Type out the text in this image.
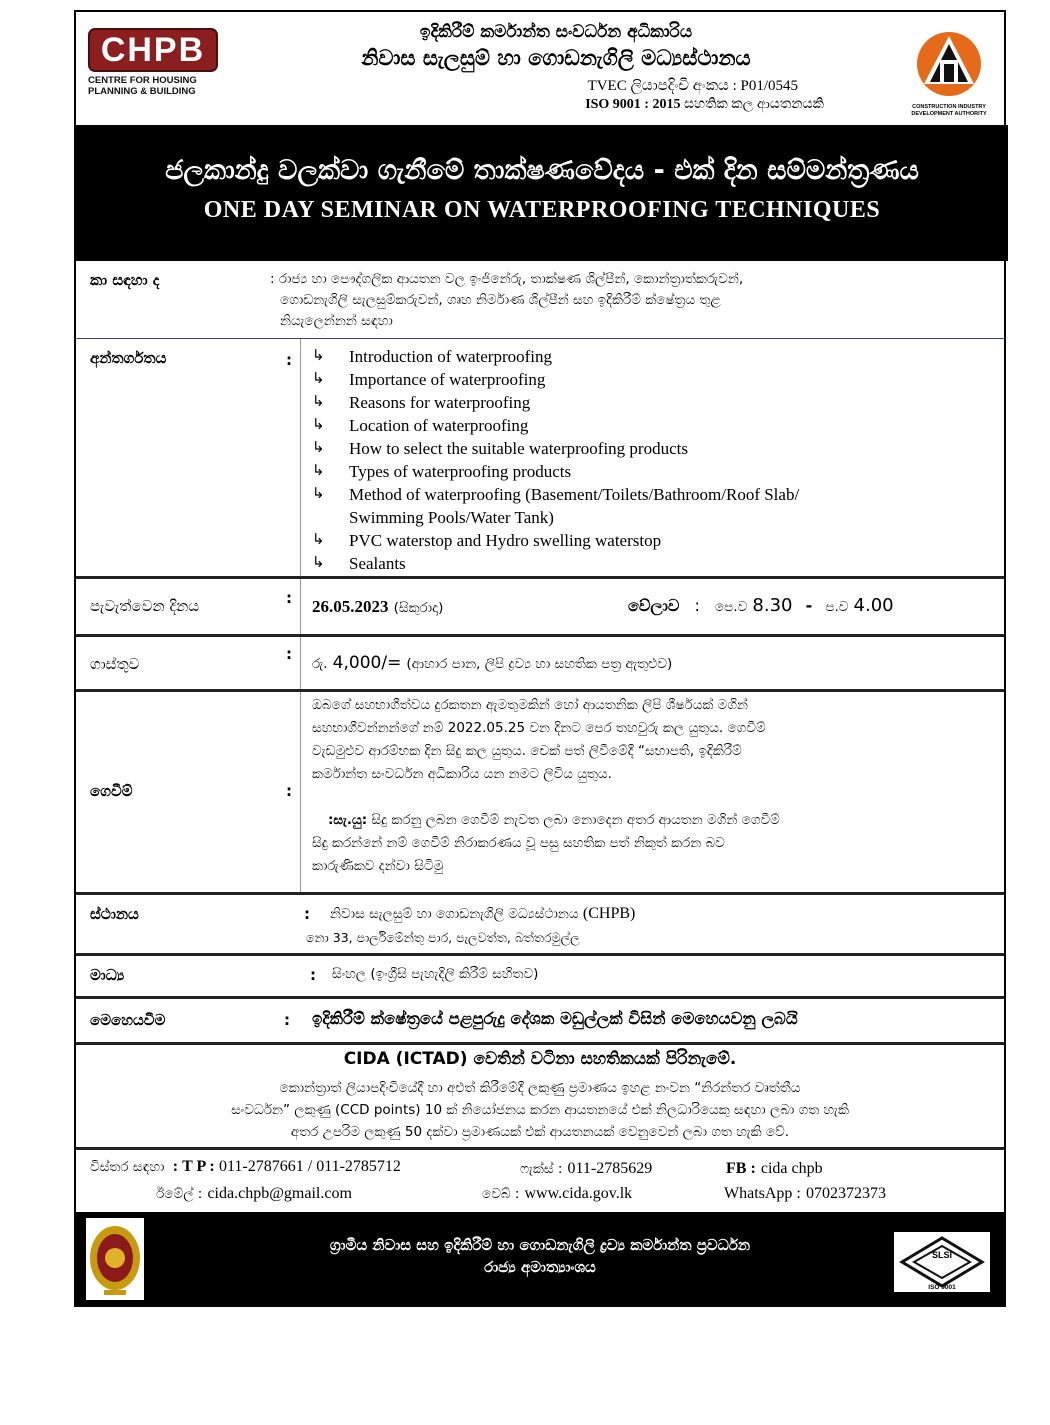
CHPB
CENTRE FOR HOUSING
PLANNING & BUILDING
ඉදිකිරීම් කර්මාන්ත සංවර්ධන අධිකාරිය
නිවාස සැලසුම් හා ගොඩනැගිලි මධ්‍යස්ථානය
TVEC ලියාපදිංචි අංකය : P01/0545
ISO 9001 : 2015 සහතික කල ආයතනයකි	CONSTRUCTION INDUSTRY
DEVELOPMENT AUTHORITY
ජලකාන්දු වලක්වා ගැනීමේ තාක්ෂණවේදය - එක් දින සම්මන්ත්‍රණය
ONE DAY SEMINAR ON WATERPROOFING TECHNIQUES
කා සඳහා ද	: රාජ්‍ය හා පෞද්ගලික ආයතන වල ඉංජිනේරු, තාක්ෂණ ශිල්පීන්, කොන්ත්‍රාත්කරුවන්,
ගොඩනැගිලි සැලසුම්කරුවන්, ගෘහ නිර්මාණ ශිල්පීන් සහ ඉදිකිරීම් ක්ෂේත්‍රය තුළ
නියැලෙන්නන් සඳහා
අන්තර්ගතය	: ↳ Introduction of waterproofing
↳ Importance of waterproofing
↳ Reasons for waterproofing
↳ Location of waterproofing
↳ How to select the suitable waterproofing products
↳ Types of waterproofing products
↳ Method of waterproofing (Basement/Toilets/Bathroom/Roof Slab/
Swimming Pools/Water Tank)
↳ PVC waterstop and Hydro swelling waterstop
↳ Sealants
පැවැත්වෙන දිනය	: 26.05.2023 (සිකුරාදා)	වේලාව : පෙ.ව 8.30 - ප.ව 4.00
ගාස්තුව
:
රු. 4,000/= (ආහාර පාන, ලිපි ද්‍රව්‍ය හා සහතික පත්‍ර ඇතුළුව)
ගෙවීම්	:
ඔබගේ සහභාගීත්වය දුරකතන ඇමතුමකින් හෝ ආයතනික ලිපි ශීර්ෂයක් මගින්
සහභාගීවන්නන්ගේ නම් 2022.05.25 වන දිනට පෙර තහවුරු කල යුතුය. ගෙවීම්
වැඩමුළුව ආරම්භක දින සිදු කල යුතුය. චෙක් පත් ලිවීමේදී “සභාපති, ඉදිකිරීම්
කර්මාන්ත සංවර්ධන අධිකාරිය යන නමට ලිවිය යුතුය.
:සැ.යු: සිදු කරනු ලබන ගෙවීම් නැවත ලබා නොදෙන අතර ආයතන මගින් ගෙවීම්
සිදු කරන්නේ නම් ගෙවීම් නිරාකරණය වූ පසු සහතික පත් නිකුත් කරන බව
කාරුණිකව දන්වා සිටිමු
ස්ථානය	: නිවාස සැලසුම් හා ගොඩනැගිලි මධ්‍යස්ථානය (CHPB)
නො 33, පාර්ලිමේන්තු පාර, පැලවත්ත, බත්තරමුල්ල
මාධ්‍ය	: සිංහල (ඉංග්‍රීසි පැහැදිලි කිරීම් සහිතව)
මෙහෙයවීම	: ඉදිකිරීම් ක්ෂේත්‍රයේ පළපුරුදු දේශක මඩුල්ලක් විසින් මෙහෙයවනු ලබයි
CIDA (ICTAD) වෙතින් වටිනා සහතිකයක් පිරිනැමේ.
කොන්ත්‍රාත් ලියාපදිංචියේදී හා අළුත් කිරීමේදී ලකුණු ප්‍රමාණය ඉහළ නංවන “නිරන්තර වෘත්තීය
සංවර්ධන” ලකුණු (CCD points) 10 ක් නියෝජනය කරන ආයතනයේ එක් නිලධාරියෙකු සඳහා ලබා ගත හැකි
අතර උපරිම ලකුණු 50 දක්වා ප්‍රමාණයක් එක් ආයතනයක් වෙනුවෙන් ලබා ගත හැකි වේ.
විස්තර සඳහා : T P : 011-2787661 / 011-2785712	ෆැක්ස් : 011-2785629	FB : cida chpb
ඊමේල් : cida.chpb@gmail.com	වෙබ් : www.cida.gov.lk	WhatsApp : 0702372373
ග්‍රාමීය නිවාස සහ ඉදිකිරීම් හා ගොඩනැගිලි ද්‍රව්‍ය කර්මාන්ත ප්‍රවර්ධන
රාජ්‍ය අමාත්‍යාංශය
SLSI
ISO 9001
